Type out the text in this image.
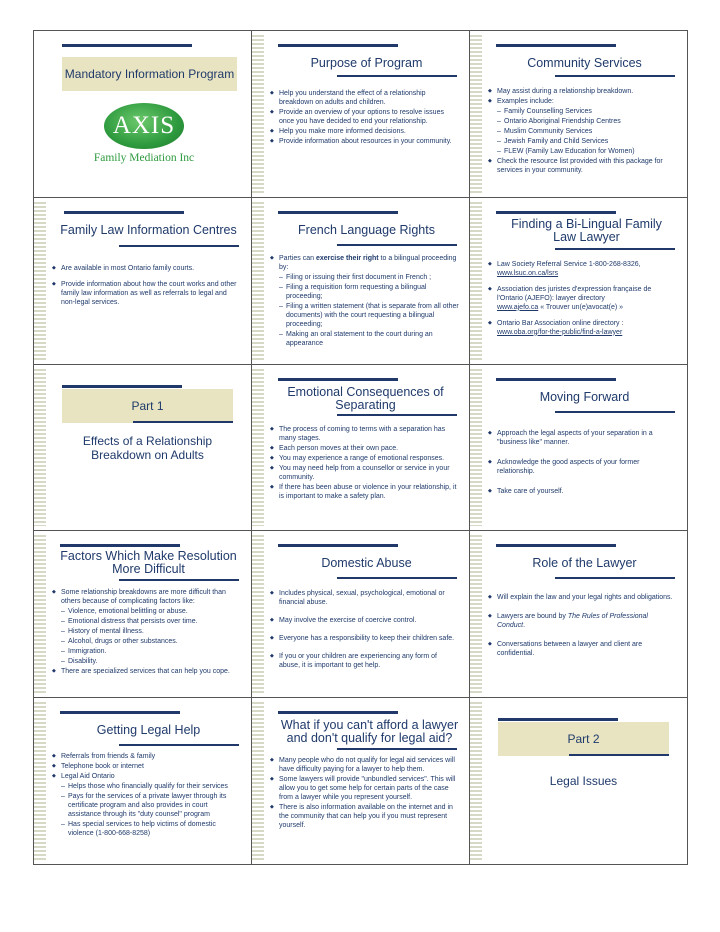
Mandatory Information Program
AXIS
Family Mediation Inc
Purpose of Program
◆ Help you understand the effect of a relationship breakdown on adults and children.
◆ Provide an overview of your options to resolve issues once you have decided to end your relationship.
◆ Help you make more informed decisions.
◆ Provide information about resources in your community.
Community Services
◆ May assist during a relationship breakdown.
◆ Examples include:
– Family Counselling Services
– Ontario Aboriginal Friendship Centres
– Muslim Community Services
– Jewish Family and Child Services
– FLEW (Family Law Education for Women)
◆ Check the resource list provided with this package for services in your community.
Family Law Information Centres
◆ Are available in most Ontario family courts.
◆ Provide information about how the court works and other family law information as well as referrals to legal and non-legal services.
French Language Rights
◆ Parties can exercise their right to a bilingual proceeding by:
– Filing or issuing their first document in French ;
– Filing a requisition form requesting a bilingual proceeding;
– Filing a written statement (that is separate from all other documents) with the court requesting a bilingual proceeding;
– Making an oral statement to the court during an appearance
Finding a Bi-Lingual Family Law Lawyer
◆ Law Society Referral Service 1-800-268-8326,
www.lsuc.on.ca/lsrs
◆ Association des juristes d'expression française de l'Ontario (AJEFO): lawyer directory
www.ajefo.ca « Trouver un(e)avocat(e) »
◆ Ontario Bar Association online directory :
www.oba.org/for-the-public/find-a-lawyer
Part 1
Effects of a Relationship Breakdown on Adults
Emotional Consequences of Separating
◆ The process of coming to terms with a separation has many stages.
◆ Each person moves at their own pace.
◆ You may experience a range of emotional responses.
◆ You may need help from a counsellor or service in your community.
◆ If there has been abuse or violence in your relationship, it is important to make a safety plan.
Moving Forward
◆ Approach the legal aspects of your separation in a "business like" manner.
◆ Acknowledge the good aspects of your former relationship.
◆ Take care of yourself.
Factors Which Make Resolution More Difficult
◆ Some relationship breakdowns are more difficult than others because of complicating factors like:
– Violence, emotional belittling or abuse.
– Emotional distress that persists over time.
– History of mental illness.
– Alcohol, drugs or other substances.
– Immigration.
– Disability.
◆ There are specialized services that can help you cope.
Domestic Abuse
◆ Includes physical, sexual, psychological, emotional or financial abuse.
◆ May involve the exercise of coercive control.
◆ Everyone has a responsibility to keep their children safe.
◆ If you or your children are experiencing any form of abuse, it is important to get help.
Role of the Lawyer
◆ Will explain the law and your legal rights and obligations.
◆ Lawyers are bound by The Rules of Professional Conduct.
◆ Conversations between a lawyer and client are confidential.
Getting Legal Help
◆ Referrals from friends & family
◆ Telephone book or internet
◆ Legal Aid Ontario
– Helps those who financially qualify for their services
– Pays for the services of a private lawyer through its certificate program and also provides in court assistance through its "duty counsel" program
– Has special services to help victims of domestic violence (1-800-668-8258)
What if you can't afford a lawyer and don't qualify for legal aid?
◆ Many people who do not qualify for legal aid services will have difficulty paying for a lawyer to help them.
◆ Some lawyers will provide "unbundled services". This will allow you to get some help for certain parts of the case from a lawyer while you represent yourself.
◆ There is also information available on the internet and in the community that can help you if you must represent yourself.
Part 2
Legal Issues
